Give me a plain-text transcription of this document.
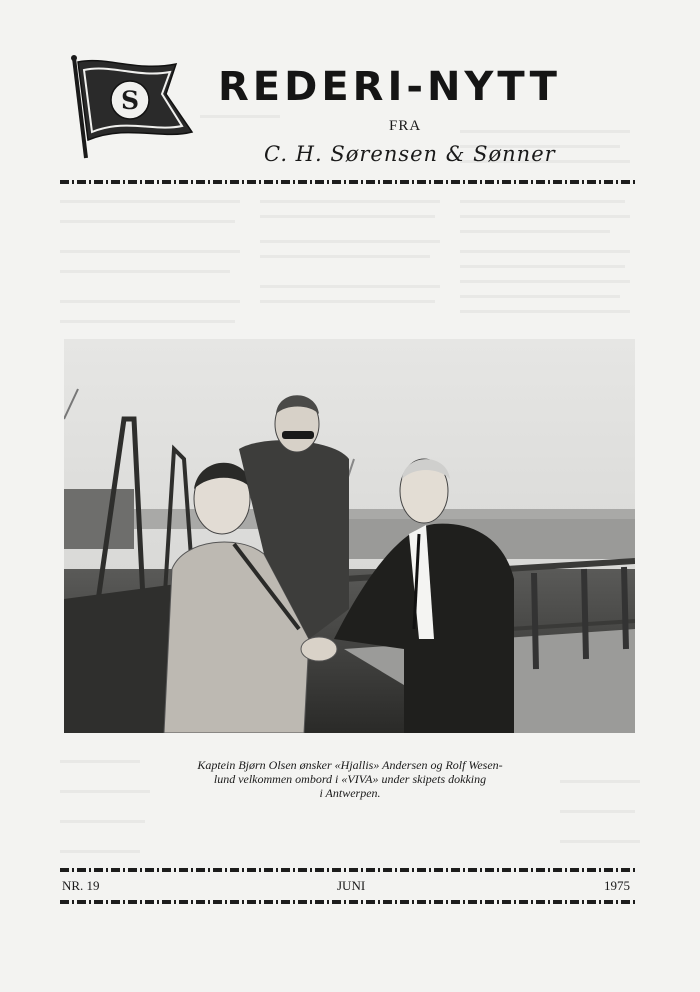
S REDERI-NYTT
FRA
C. H. Sørensen & Sønner
Kaptein Bjørn Olsen ønsker «Hjallis» Andersen og Rolf Wesen-
lund velkommen ombord i «VIVA» under skipets dokking
i Antwerpen.
NR. 19	JUNI	1975
